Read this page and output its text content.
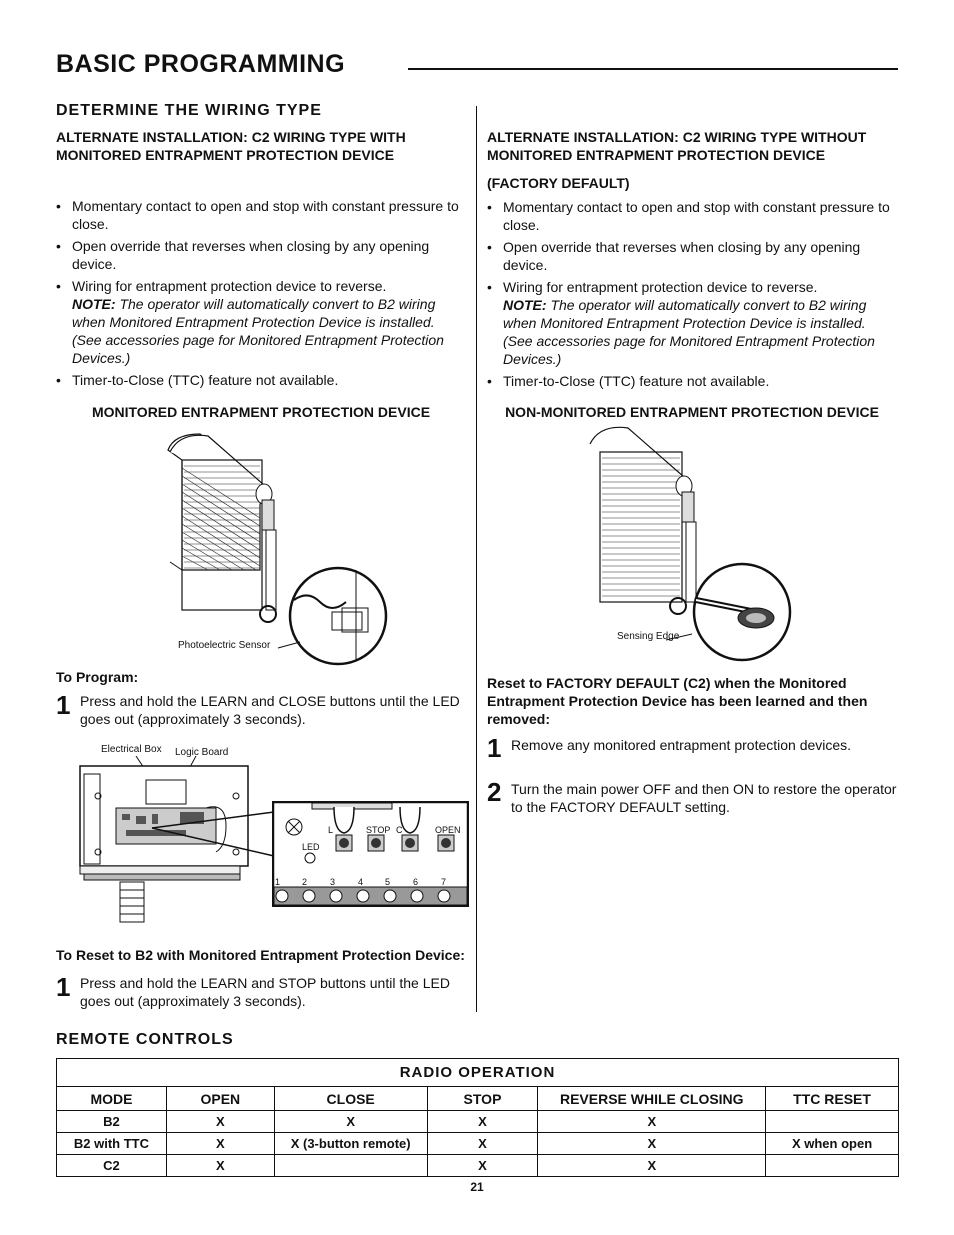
BASIC PROGRAMMING
DETERMINE THE WIRING TYPE
ALTERNATE INSTALLATION: C2 WIRING TYPE WITH MONITORED ENTRAPMENT PROTECTION DEVICE
• Momentary contact to open and stop with constant pressure to close.
• Open override that reverses when closing by any opening device.
• Wiring for entrapment protection device to reverse.
NOTE: The operator will automatically convert to B2 wiring when Monitored Entrapment Protection Device is installed.
(See accessories page for Monitored Entrapment Protection Devices.)
• Timer-to-Close (TTC) feature not available.
MONITORED ENTRAPMENT PROTECTION DEVICE
Photoelectric Sensor
To Program:
1 Press and hold the LEARN and CLOSE buttons until the LED goes out (approximately 3 seconds).
Electrical Box Logic Board
LED
L	STOP C	OPEN
1 2	3	4 5	6	7
To Reset to B2 with Monitored Entrapment Protection Device:
1 Press and hold the LEARN and STOP buttons until the LED goes out (approximately 3 seconds).
ALTERNATE INSTALLATION: C2 WIRING TYPE WITHOUT MONITORED ENTRAPMENT PROTECTION DEVICE
(FACTORY DEFAULT)
• Momentary contact to open and stop with constant pressure to close.
• Open override that reverses when closing by any opening device.
• Wiring for entrapment protection device to reverse.
NOTE: The operator will automatically convert to B2 wiring when Monitored Entrapment Protection Device is installed.
(See accessories page for Monitored Entrapment Protection Devices.)
• Timer-to-Close (TTC) feature not available.
NON-MONITORED ENTRAPMENT PROTECTION DEVICE
Sensing Edge
Reset to FACTORY DEFAULT (C2) when the Monitored Entrapment Protection Device has been learned and then removed:
1 Remove any monitored entrapment protection devices.
2 Turn the main power OFF and then ON to restore the operator to the FACTORY DEFAULT setting.
REMOTE CONTROLS
RADIO OPERATION					
MODE	OPEN	CLOSE	STOP	REVERSE WHILE CLOSING	TTC RESET
B2	X	X	X	X	
B2 with TTC	X	X (3-button remote)	X	X	X when open
C2	X		X	X	
21
